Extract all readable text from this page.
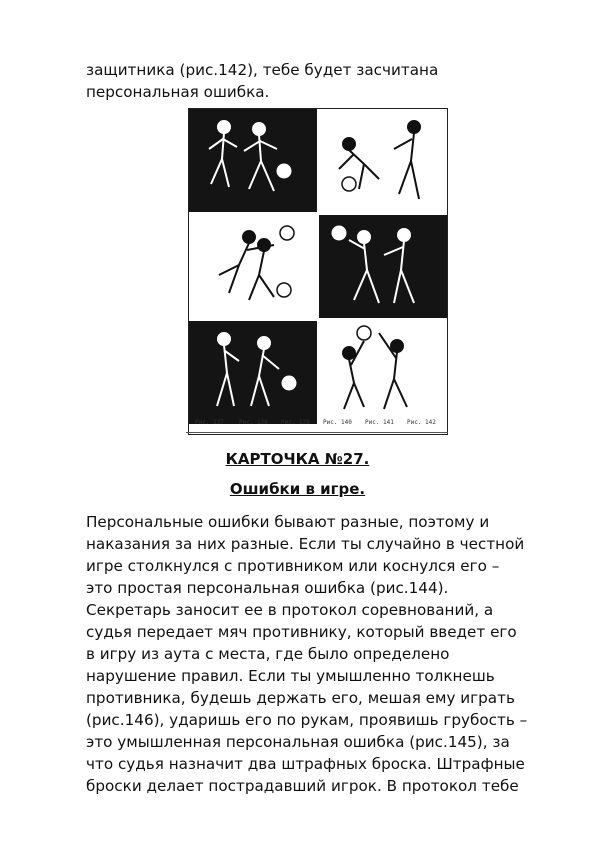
защитника (рис.142), тебе будет засчитана
персональная ошибка.
Рис. 137	Рис. 138 Рис. 139 Рис. 140 Рис. 141 Рис. 142
КАРТОЧКА №27.
Ошибки в игре.
Персональные ошибки бывают разные, поэтому и
наказания за них разные. Если ты случайно в честной
игре столкнулся с противником или коснулся его –
это простая персональная ошибка (рис.144).
Секретарь заносит ее в протокол соревнований, а
судья передает мяч противнику, который введет его
в игру из аута с места, где было определено
нарушение правил. Если ты умышленно толкнешь
противника, будешь держать его, мешая ему играть
(рис.146), ударишь его по рукам, проявишь грубость –
это умышленная персональная ошибка (рис.145), за
что судья назначит два штрафных броска. Штрафные
броски делает пострадавший игрок. В протокол тебе
